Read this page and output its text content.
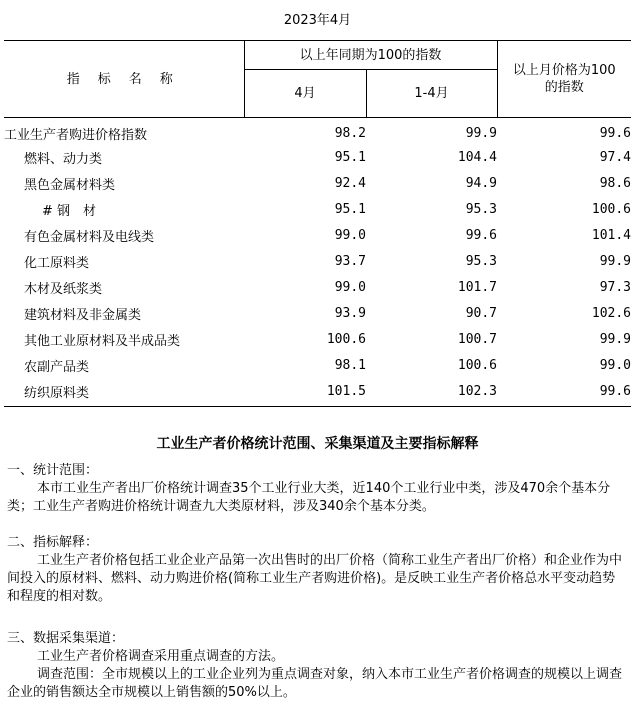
2023年4月
指标名称	以上年同期为100的指数		以上月价格为100的指数

	4月	1-4月	
工业生产者购进价格指数	98.2	99.9	99.6
燃料、动力类	95.1	104.4	97.4
黑色金属材料类	92.4	94.9	98.6
# 钢　材	95.1	95.3	100.6
有色金属材料及电线类	99.0	99.6	101.4
化工原料类	93.7	95.3	99.9
木材及纸浆类	99.0	101.7	97.3
建筑材料及非金属类	93.9	90.7	102.6
其他工业原材料及半成品类	100.6	100.7	99.9
农副产品类	98.1	100.6	99.0
纺织原料类	101.5	102.3	99.6
工业生产者价格统计范围、采集渠道及主要指标解释

一、统计范围：

本市工业生产者出厂价格统计调查35个工业行业大类，近140个工业行业中类，涉及470余个基本分类；工业生产者购进价格统计调查九大类原材料，涉及340余个基本分类。

二、指标解释：

工业生产者价格包括工业企业产品第一次出售时的出厂价格（简称工业生产者出厂价格）和企业作为中间投入的原材料、燃料、动力购进价格(简称工业生产者购进价格)。是反映工业生产者价格总水平变动趋势和程度的相对数。

三、数据采集渠道：

工业生产者价格调查采用重点调查的方法。

调查范围：全市规模以上的工业企业列为重点调查对象，纳入本市工业生产者价格调查的规模以上调查企业的销售额达全市规模以上销售额的50%以上。
